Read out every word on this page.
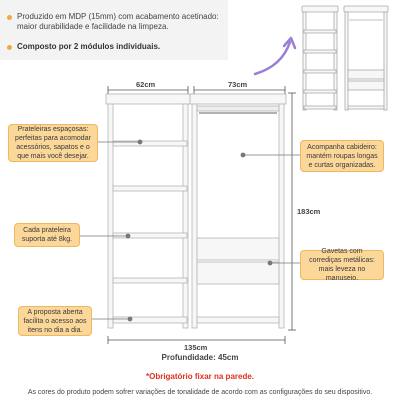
Produzido em MDP (15mm) com acabamento acetinado: maior durabilidade e facilidade na limpeza.
Composto por 2 módulos individuais.
62cm	73cm
183cm
135cm
Prateleiras espaçosas: perfeitas para acomodar acessórios, sapatos e o que mais você desejar.
Cada prateleira suporta até 8kg.
A proposta aberta facilita o acesso aos itens no dia a dia.
Acompanha cabideiro: mantém roupas longas e curtas organizadas.
Gavetas com corrediças metálicas: mais leveza no manuseio.
Profundidade: 45cm
*Obrigatório fixar na parede.
As cores do produto podem sofrer variações de tonalidade de acordo com as configurações do seu dispositivo.
